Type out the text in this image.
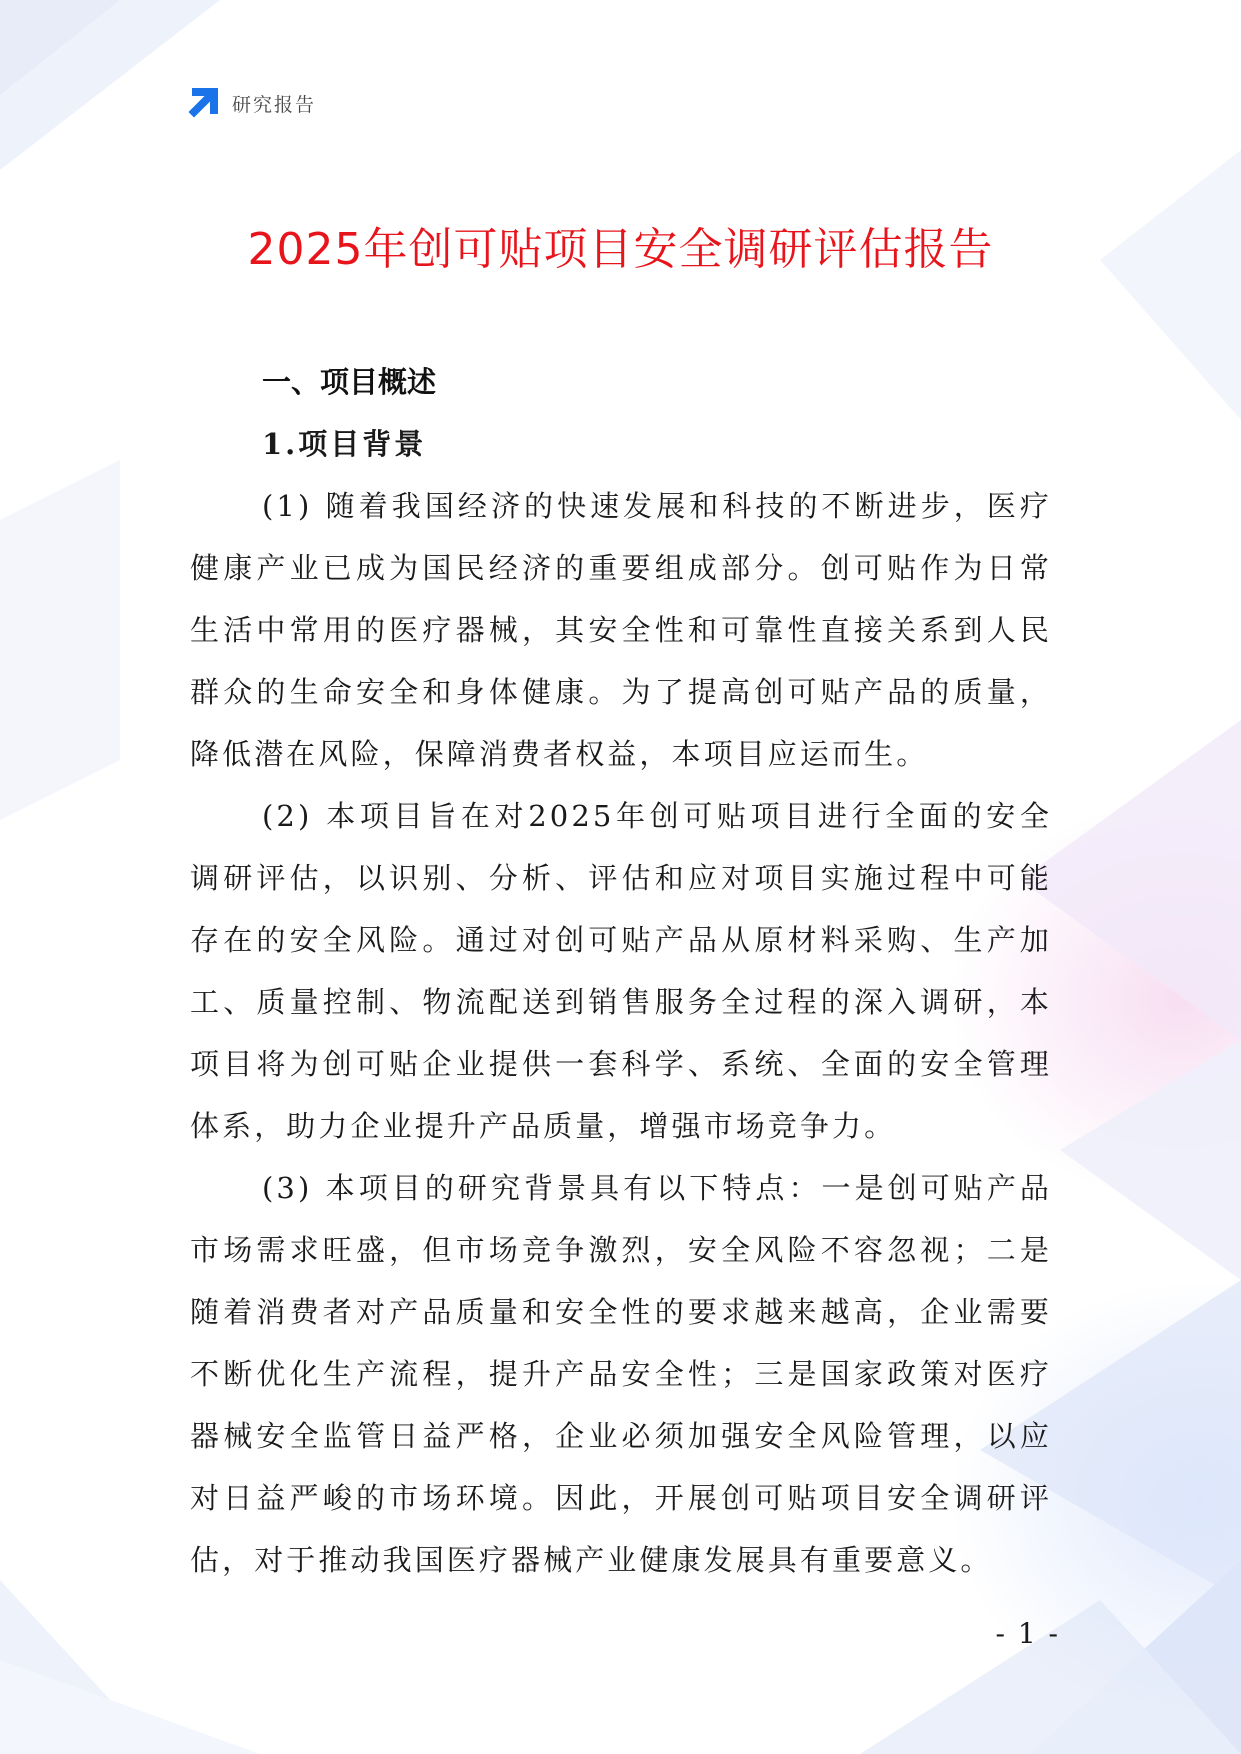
研究报告
2025年创可贴项目安全调研评估报告
一、项目概述
1.项目背景

(1) 随着我国经济的快速发展和科技的不断进步，医疗健康产业已成为国民经济的重要组成部分。创可贴作为日常生活中常用的医疗器械，其安全性和可靠性直接关系到人民群众的生命安全和身体健康。为了提高创可贴产品的质量，降低潜在风险，保障消费者权益，本项目应运而生。

(2) 本项目旨在对2025年创可贴项目进行全面的安全调研评估，以识别、分析、评估和应对项目实施过程中可能存在的安全风险。通过对创可贴产品从原材料采购、生产加工、质量控制、物流配送到销售服务全过程的深入调研，本项目将为创可贴企业提供一套科学、系统、全面的安全管理体系，助力企业提升产品质量，增强市场竞争力。

(3) 本项目的研究背景具有以下特点：一是创可贴产品市场需求旺盛，但市场竞争激烈，安全风险不容忽视；二是随着消费者对产品质量和安全性的要求越来越高，企业需要不断优化生产流程，提升产品安全性；三是国家政策对医疗器械安全监管日益严格，企业必须加强安全风险管理，以应对日益严峻的市场环境。因此，开展创可贴项目安全调研评估，对于推动我国医疗器械产业健康发展具有重要意义。

- 1 -
